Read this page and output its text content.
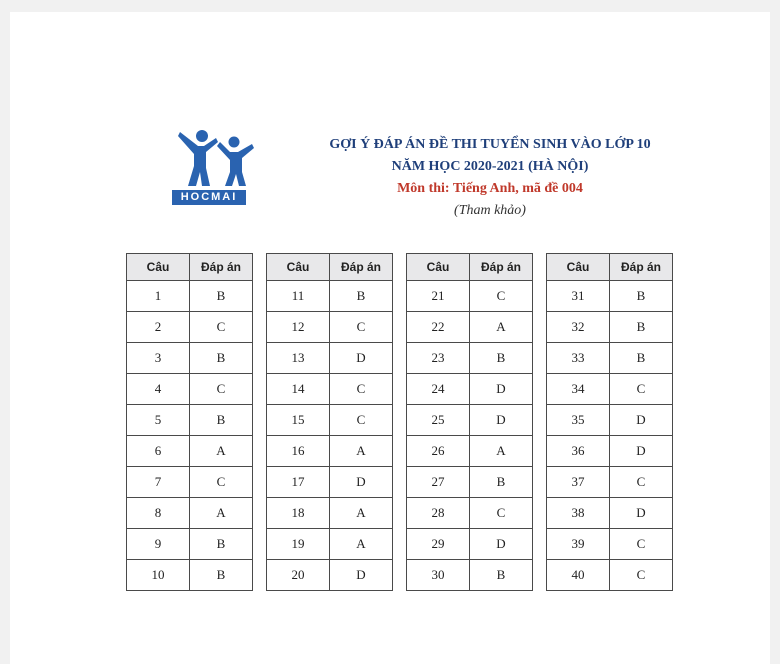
HOCMAI
GỢI Ý ĐÁP ÁN ĐỀ THI TUYỂN SINH VÀO LỚP 10
NĂM HỌC 2020-2021 (HÀ NỘI)
Môn thi: Tiếng Anh, mã đề 004
(Tham khảo)
Câu	Đáp án
1	B
2	C
3	B
4	C
5	B
6	A
7	C
8	A
9	B
10	B
Câu	Đáp án
11	B
12	C
13	D
14	C
15	C
16	A
17	D
18	A
19	A
20	D
Câu	Đáp án
21	C
22	A
23	B
24	D
25	D
26	A
27	B
28	C
29	D
30	B
Câu	Đáp án
31	B
32	B
33	B
34	C
35	D
36	D
37	C
38	D
39	C
40	C
